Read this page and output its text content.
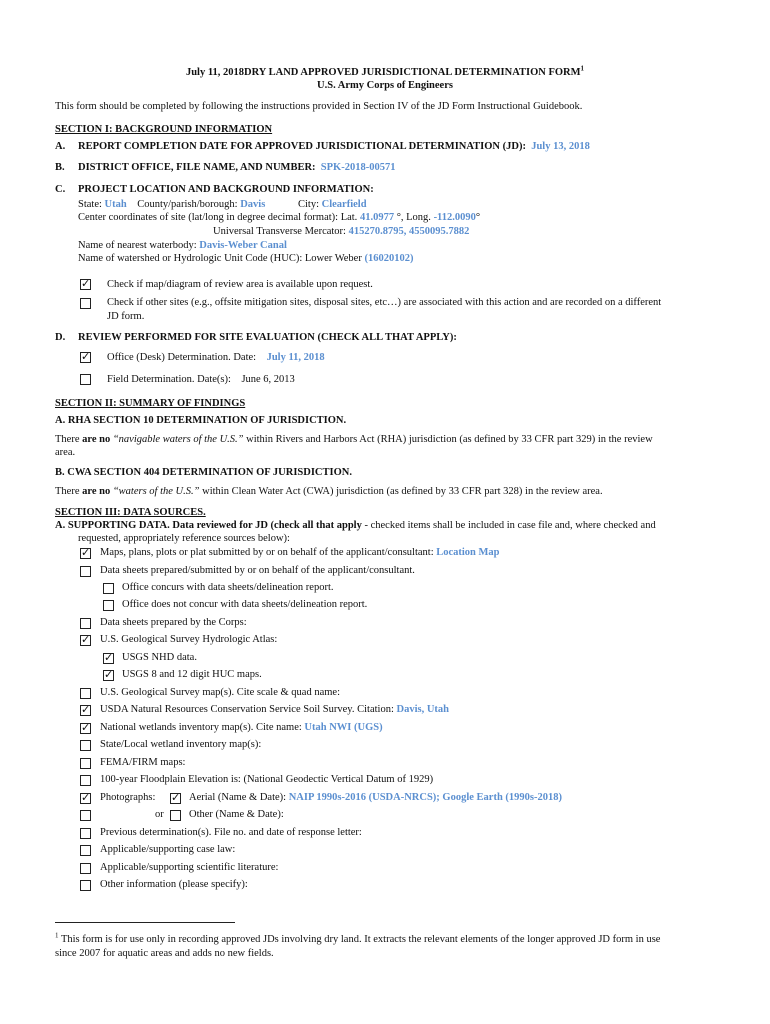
July 11, 2018DRY LAND APPROVED JURISDICTIONAL DETERMINATION FORM$^1$
U.S. Army Corps of Engineers
This form should be completed by following the instructions provided in Section IV of the JD Form Instructional Guidebook.
SECTION I: BACKGROUND INFORMATION
A. REPORT COMPLETION DATE FOR APPROVED JURISDICTIONAL DETERMINATION (JD): July 13, 2018
B. DISTRICT OFFICE, FILE NAME, AND NUMBER: SPK-2018-00571
C. PROJECT LOCATION AND BACKGROUND INFORMATION:
State: Utah County/parish/borough: Davis	City: Clearfield
Center coordinates of site (lat/long in degree decimal format): Lat. 41.0977 °, Long. -112.0090°
Universal Transverse Mercator: 415270.8795, 4550095.7882
Name of nearest waterbody: Davis-Weber Canal
Name of watershed or Hydrologic Unit Code (HUC): Lower Weber (16020102)
✓
Check if map/diagram of review area is available upon request.
Check if other sites (e.g., offsite mitigation sites, disposal sites, etc…) are associated with this action and are recorded on a different
JD form.
D. REVIEW PERFORMED FOR SITE EVALUATION (CHECK ALL THAT APPLY):
✓
Office (Desk) Determination. Date: July 11, 2018
Field Determination. Date(s): June 6, 2013
SECTION II: SUMMARY OF FINDINGS
A. RHA SECTION 10 DETERMINATION OF JURISDICTION.
There are no “navigable waters of the U.S.” within Rivers and Harbors Act (RHA) jurisdiction (as defined by 33 CFR part 329) in the review
area.
B. CWA SECTION 404 DETERMINATION OF JURISDICTION.
There are no “waters of the U.S.” within Clean Water Act (CWA) jurisdiction (as defined by 33 CFR part 328) in the review area.
SECTION III: DATA SOURCES.
A. SUPPORTING DATA. Data reviewed for JD (check all that apply - checked items shall be included in case file and, where checked and
requested, appropriately reference sources below):
✓
Maps, plans, plots or plat submitted by or on behalf of the applicant/consultant: Location Map
Data sheets prepared/submitted by or on behalf of the applicant/consultant.
Office concurs with data sheets/delineation report.
Office does not concur with data sheets/delineation report.
Data sheets prepared by the Corps:
✓
U.S. Geological Survey Hydrologic Atlas:
✓
USGS NHD data.
✓
USGS 8 and 12 digit HUC maps.
U.S. Geological Survey map(s). Cite scale & quad name:
✓
USDA Natural Resources Conservation Service Soil Survey. Citation: Davis, Utah
✓
National wetlands inventory map(s). Cite name: Utah NWI (UGS)
State/Local wetland inventory map(s):
FEMA/FIRM maps:
100-year Floodplain Elevation is: (National Geodectic Vertical Datum of 1929)
✓
Photographs:
✓	Aerial (Name & Date): NAIP 1990s-2016 (USDA-NRCS); Google Earth (1990s-2018)
or Other (Name & Date):
Previous determination(s). File no. and date of response letter:
Applicable/supporting case law:
Applicable/supporting scientific literature:
Other information (please specify):
$^1$ This form is for use only in recording approved JDs involving dry land. It extracts the relevant elements of the longer approved JD form in use
since 2007 for aquatic areas and adds no new fields.
